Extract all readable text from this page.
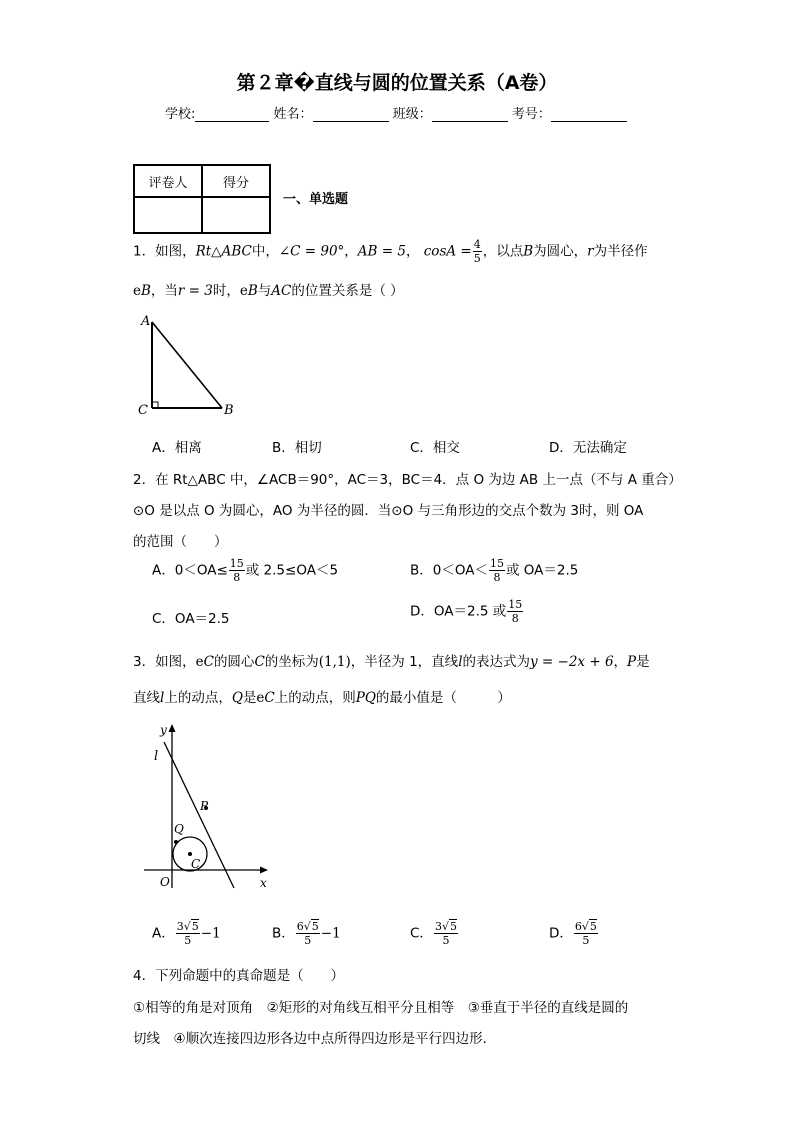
第２章�直线与圆的位置关系（A卷）
学校:	姓名：	班级：	考号：
评卷人	得分

一、单选题
1．如图，Rt△ABC中，∠C = 90°，AB = 5， $\cos A = \frac{4}{5}$ ，以点B为圆心，r为半径作
eB，当r = 3时，eB与AC的位置关系是（ ）
A
C	B
A．相离	B．相切	C．相交	D．无法确定
2．在 Rt△ABC 中，∠ACB＝90°，AC＝3，BC＝4．点 O 为边 AB 上一点（不与 A 重合）
⊙O 是以点 O 为圆心，AO 为半径的圆．当⊙O 与三角形边的交点个数为 3时，则 OA
的范围（　　）
A．$0<OA\le \frac{15}{8}$ 或 2.5≤OA＜5	B．$0<OA< \frac{15}{8}$ 或 OA＝2.5
C．OA＝2.5	D．OA＝2.5 或 $\frac{15}{8}$
3．如图，eC的圆心C的坐标为(1,1)，半径为 1，直线l的表达式为y = −2x + 6，P是
直线l上的动点，Q是eC上的动点，则PQ的最小值是（　　　）
y
l
P
Q
C
O	x
A． $\frac{3√5}{5} -1$	B． $\frac{6√5}{5} -1$	C． $\frac{3√5}{5}$	D． $\frac{6√5}{5}$
4．下列命题中的真命题是（　　）
①相等的角是对顶角　②矩形的对角线互相平分且相等　③垂直于半径的直线是圆的
切线　④顺次连接四边形各边中点所得四边形是平行四边形．
